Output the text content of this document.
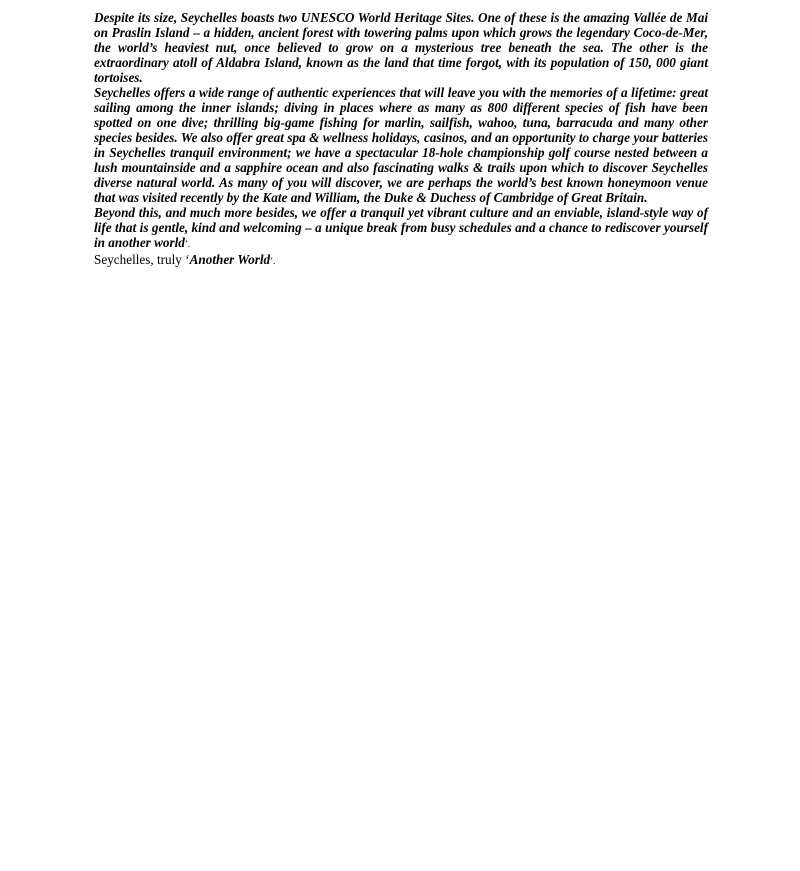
Despite its size, Seychelles boasts two UNESCO World Heritage Sites. One of these is the amazing Vallée de Mai on Praslin Island – a hidden, ancient forest with towering palms upon which grows the legendary Coco-de-Mer, the world’s heaviest nut, once believed to grow on a mysterious tree beneath the sea. The other is the extraordinary atoll of Aldabra Island, known as the land that time forgot, with its population of 150, 000 giant tortoises.

Seychelles offers a wide range of authentic experiences that will leave you with the memories of a lifetime: great sailing among the inner islands; diving in places where as many as 800 different species of fish have been spotted on one dive; thrilling big-game fishing for marlin, sailfish, wahoo, tuna, barracuda and many other species besides. We also offer great spa & wellness holidays, casinos, and an opportunity to charge your batteries in Seychelles tranquil environment; we have a spectacular 18-hole championship golf course nested between a lush mountainside and a sapphire ocean and also fascinating walks & trails upon which to discover Seychelles diverse natural world. As many of you will discover, we are perhaps the world’s best known honeymoon venue that was visited recently by the Kate and William, the Duke & Duchess of Cambridge of Great Britain.

Beyond this, and much more besides, we offer a tranquil yet vibrant culture and an enviable, island-style way of life that is gentle, kind and welcoming – a unique break from busy schedules and a chance to rediscover yourself in another world’.

Seychelles, truly ‘Another World’.
